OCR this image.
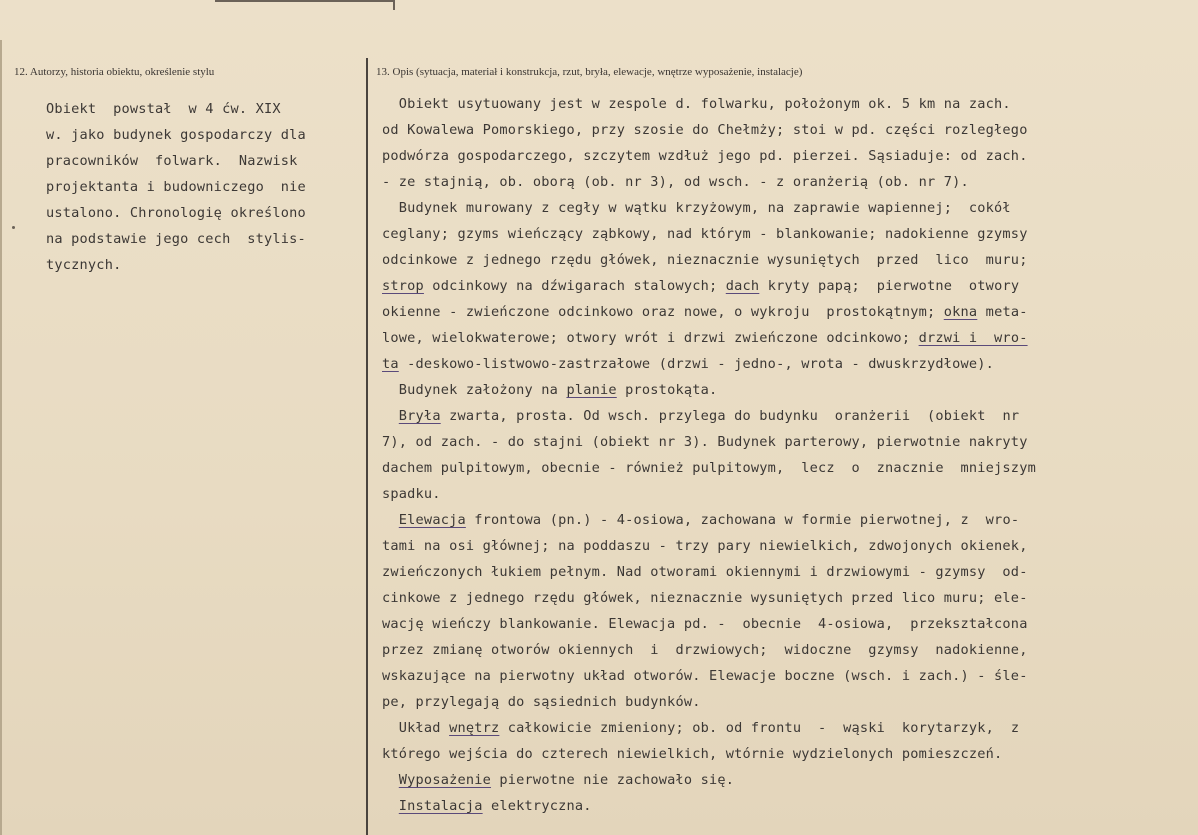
12. Autorzy, historia obiektu, określenie stylu	13. Opis (sytuacja, materiał i konstrukcja, rzut, bryła, elewacje, wnętrze wyposażenie, instalacje)
Obiekt  powstał  w 4 ćw. XIX
w. jako budynek gospodarczy dla
pracowników  folwark.  Nazwisk
projektanta i budowniczego  nie
ustalono. Chronologię określono
na podstawie jego cech  stylis-
tycznych.
Obiekt usytuowany jest w zespole d. folwarku, położonym ok. 5 km na zach.
od Kowalewa Pomorskiego, przy szosie do Chełmży; stoi w pd. części rozległego
podwórza gospodarczego, szczytem wzdłuż jego pd. pierzei. Sąsiaduje: od zach.
- ze stajnią, ob. oborą (ob. nr 3), od wsch. - z oranżerią (ob. nr 7).
Budynek murowany z cegły w wątku krzyżowym, na zaprawie wapiennej;  cokół
ceglany; gzyms wieńczący ząbkowy, nad którym - blankowanie; nadokienne gzymsy
odcinkowe z jednego rzędu główek, nieznacznie wysuniętych  przed  lico  muru;
strop odcinkowy na dźwigarach stalowych; dach kryty papą;  pierwotne  otwory
okienne - zwieńczone odcinkowo oraz nowe, o wykroju  prostokątnym; okna meta-
lowe, wielokwaterowe; otwory wrót i drzwi zwieńczone odcinkowo; drzwi i  wro-
ta -deskowo-listwowo-zastrzałowe (drzwi - jedno-, wrota - dwuskrzydłowe).
Budynek założony na planie prostokąta.
Bryła zwarta, prosta. Od wsch. przylega do budynku  oranżerii  (obiekt  nr
7), od zach. - do stajni (obiekt nr 3). Budynek parterowy, pierwotnie nakryty
dachem pulpitowym, obecnie - również pulpitowym,  lecz  o  znacznie  mniejszym
spadku.
Elewacja frontowa (pn.) - 4-osiowa, zachowana w formie pierwotnej, z  wro-
tami na osi głównej; na poddaszu - trzy pary niewielkich, zdwojonych okienek,
zwieńczonych łukiem pełnym. Nad otworami okiennymi i drzwiowymi - gzymsy  od-
cinkowe z jednego rzędu główek, nieznacznie wysuniętych przed lico muru; ele-
wację wieńczy blankowanie. Elewacja pd. -  obecnie  4-osiowa,  przekształcona
przez zmianę otworów okiennych  i  drzwiowych;  widoczne  gzymsy  nadokienne,
wskazujące na pierwotny układ otworów. Elewacje boczne (wsch. i zach.) - śle-
pe, przylegają do sąsiednich budynków.
Układ wnętrz całkowicie zmieniony; ob. od frontu  -  wąski  korytarzyk,  z
którego wejścia do czterech niewielkich, wtórnie wydzielonych pomieszczeń.
Wyposażenie pierwotne nie zachowało się.
Instalacja elektryczna.
